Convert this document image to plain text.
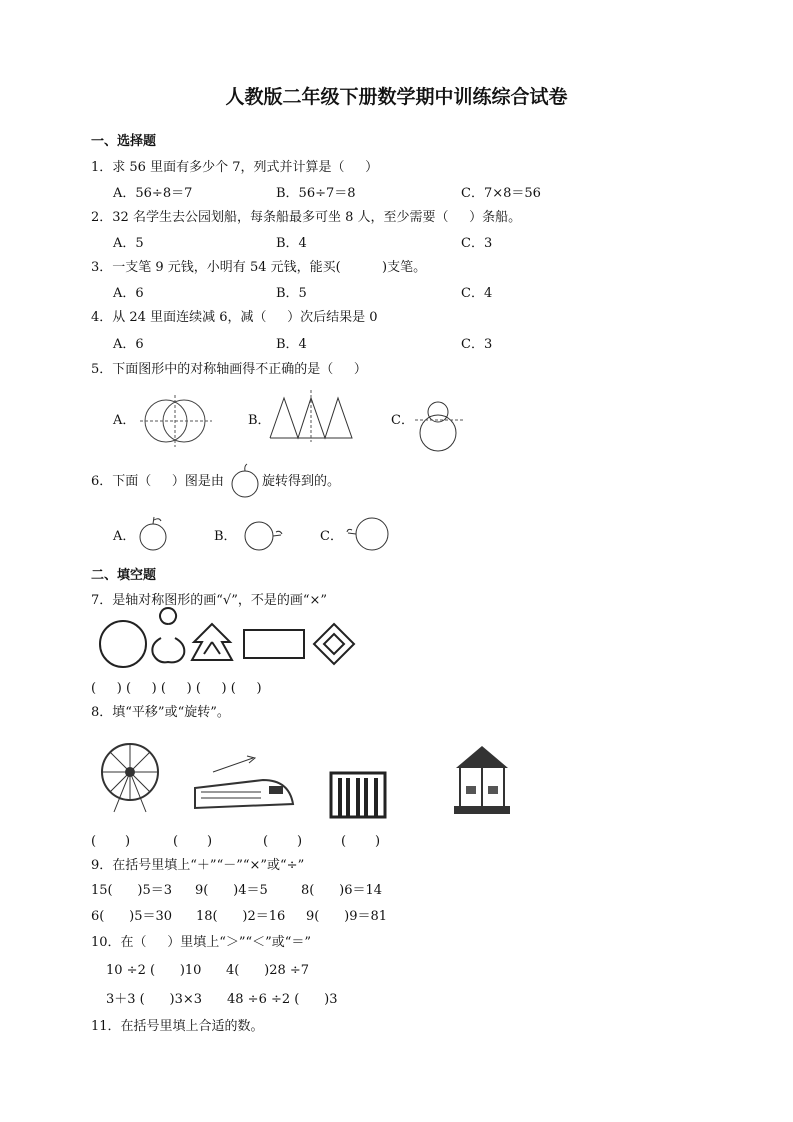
人教版二年级下册数学期中训练综合试卷
一、选择题
1．求 56 里面有多少个 7，列式并计算是（     ）
A．56÷8＝7	B．56÷7＝8	C．7×8＝56
2．32 名学生去公园划船，每条船最多可坐 8 人，至少需要（     ）条船。
A．5	B．4	C．3
3．一支笔 9 元钱，小明有 54 元钱，能买(          )支笔。
A．6	B．5	C．4
4．从 24 里面连续减 6，减（     ）次后结果是 0
A．6	B．4	C．3
5．下面图形中的对称轴画得不正确的是（     ）
A．	B．	C．
6．下面（     ）图是由	旋转得到的。
A．	B．	C．
二、填空题
7．是轴对称图形的画“√”，不是的画“×”
(     ) (     ) (     ) (     ) (     )
8．填“平移”或“旋转”。
(       )	(       )	(       )	(       )
9．在括号里填上“＋”“－”“×”或“÷”
15(      )5＝3 9(      )4＝5	8(      )6＝14
6(      )5＝30 18(      )2＝16 9(      )9＝81
10．在（     ）里填上“＞”“＜”或“＝”
10 ÷2 (      )10 4(      )28 ÷7
3＋3 (      )3×3 48 ÷6 ÷2 (      )3
11．在括号里填上合适的数。
